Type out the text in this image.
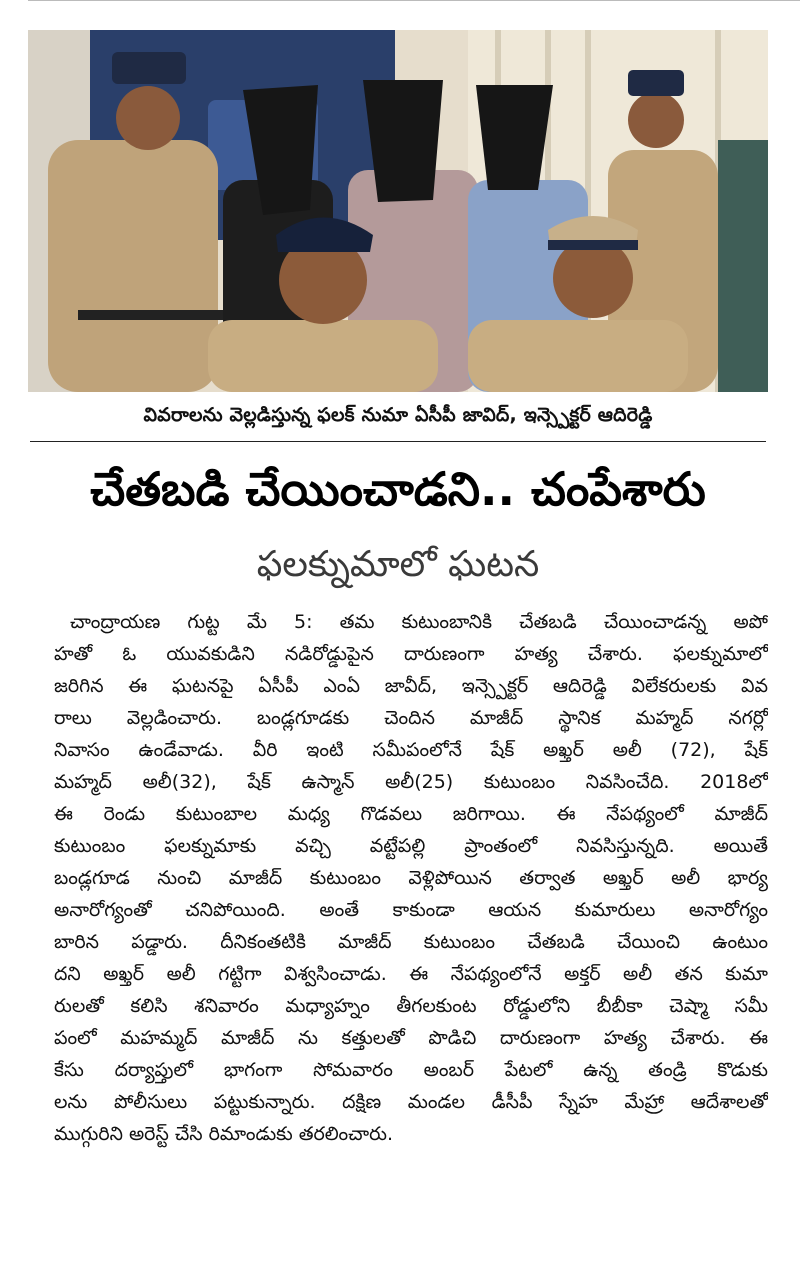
వివరాలను వెల్లడిస్తున్న ఫలక్ నుమా ఏసీపీ జావిద్, ఇన్స్పెక్టర్ ఆదిరెడ్డి
చేతబడి చేయించాడని.. చంపేశారు
ఫలక్నుమాలో ఘటన
చాంద్రాయణ గుట్ట మే 5: తమ కుటుంబానికి చేతబడి చేయించాడన్న అపో
హతో ఓ యువకుడిని నడిరోడ్డుపైన దారుణంగా హత్య చేశారు. ఫలక్నుమాలో
జరిగిన ఈ ఘటనపై ఏసీపీ ఎంఏ జావీద్, ఇన్స్పెక్టర్ ఆదిరెడ్డి విలేకరులకు వివ
రాలు వెల్లడించారు. బండ్లగూడకు చెందిన మాజీద్ స్థానిక మహ్మద్ నగర్లో
నివాసం ఉండేవాడు. వీరి ఇంటి సమీపంలోనే షేక్ అఖ్తర్ అలీ (72), షేక్
మహ్మద్ అలీ(32), షేక్ ఉస్మాన్ అలీ(25) కుటుంబం నివసించేది. 2018లో
ఈ రెండు కుటుంబాల మధ్య గొడవలు జరిగాయి. ఈ నేపథ్యంలో మాజీద్
కుటుంబం ఫలక్నుమాకు వచ్చి వట్టేపల్లి ప్రాంతంలో నివసిస్తున్నది. అయితే
బండ్లగూడ నుంచి మాజీద్ కుటుంబం వెళ్లిపోయిన తర్వాత అఖ్తర్ అలీ భార్య
అనారోగ్యంతో చనిపోయింది. అంతే కాకుండా ఆయన కుమారులు అనారోగ్యం
బారిన పడ్డారు. దీనికంతటికి మాజీద్ కుటుంబం చేతబడి చేయించి ఉంటుం
దని అఖ్తర్ అలీ గట్టిగా విశ్వసించాడు. ఈ నేపథ్యంలోనే అక్తర్ అలీ తన కుమా
రులతో కలిసి శనివారం మధ్యాహ్నం తీగలకుంట రోడ్డులోని బీబీకా చెష్మా సమీ
పంలో మహమ్మద్ మాజీద్ ను కత్తులతో పొడిచి దారుణంగా హత్య చేశారు. ఈ
కేసు దర్యాప్తులో భాగంగా సోమవారం అంబర్ పేటలో ఉన్న తండ్రి కొడుకు
లను పోలీసులు పట్టుకున్నారు. దక్షిణ మండల డీసీపీ స్నేహ మేహ్రా ఆదేశాలతో
ముగ్గురిని అరెస్ట్ చేసి రిమాండుకు తరలించారు.
